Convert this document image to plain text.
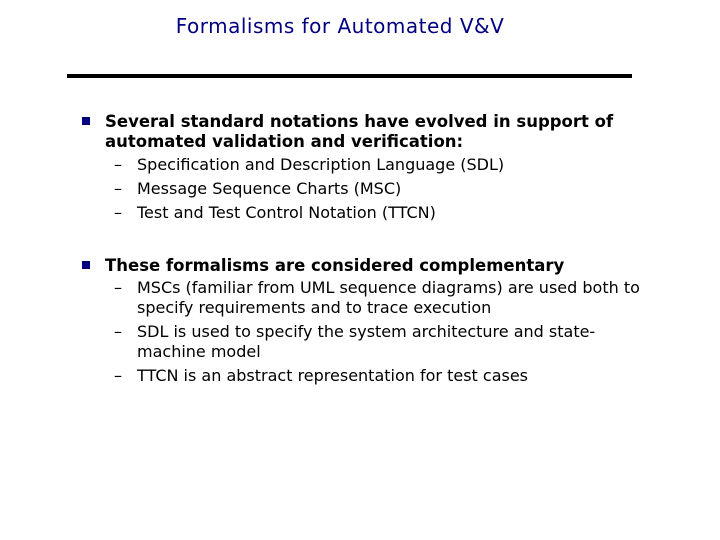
Formalisms for Automated V&V
Several standard notations have evolved in support of automated validation and verification:
– Specification and Description Language (SDL)
– Message Sequence Charts (MSC)
– Test and Test Control Notation (TTCN)
These formalisms are considered complementary
– MSCs (familiar from UML sequence diagrams) are used both to specify requirements and to trace execution
– SDL is used to specify the system architecture and state-machine model
– TTCN is an abstract representation for test cases
